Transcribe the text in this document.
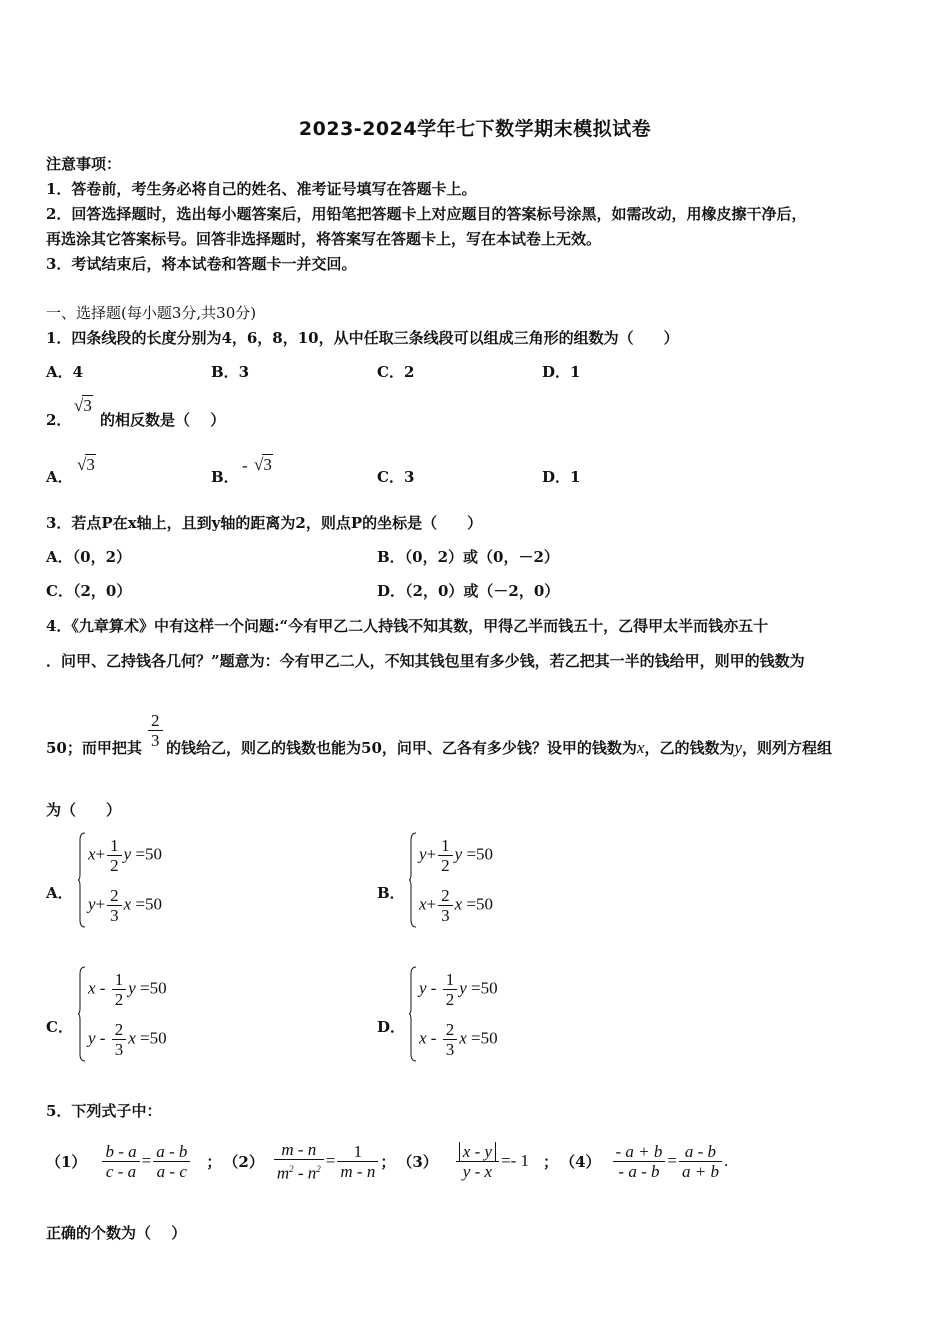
2023-2024学年七下数学期末模拟试卷
注意事项：
1．答卷前，考生务必将自己的姓名、准考证号填写在答题卡上。
2．回答选择题时，选出每小题答案后，用铅笔把答题卡上对应题目的答案标号涂黑，如需改动，用橡皮擦干净后，
再选涂其它答案标号。回答非选择题时，将答案写在答题卡上，写在本试卷上无效。
3．考试结束后，将本试卷和答题卡一并交回。
一、选择题(每小题3分,共30分)
1．四条线段的长度分别为4，6，8，10，从中任取三条线段可以组成三角形的组数为（　　）
A．4	B．3	C．2	D．1
2．
√3
的相反数是（　 ）
A．
√3
B．
- √3
C．3	D．1
3．若点P在x轴上，且到y轴的距离为2，则点P的坐标是（　　）
A．（0，2）	B．（0，2）或（0，－2）
C．（2，0）	D．（2，0）或（－2，0）
4．《九章算术》中有这样一个问题:“今有甲乙二人持钱不知其数，甲得乙半而钱五十，乙得甲太半而钱亦五十
．问甲、乙持钱各几何？”题意为：今有甲乙二人，不知其钱包里有多少钱，若乙把其一半的钱给甲，则甲的钱数为
50；而甲把其 $\frac{2}{3}$ 的钱给乙，则乙的钱数也能为50，问甲、乙各有多少钱？设甲的钱数为x，乙的钱数为y，则列方程组
为（　　）
A．
$x+ \frac{1}{2}$ y =50
$y+ \frac{2}{3}$ x =50
B．
$y+ \frac{1}{2}$ y =50
$x+ \frac{2}{3}$ x =50
C．
x - $\frac{1}{2}$ y =50
y - $\frac{2}{3}$ x =50
D．
y - $\frac{1}{2}$ y =50
x - $\frac{2}{3}$ x =50
5．下列式子中：
$(1) \frac{b - a}{c - a} = \frac{a - b}{a - c}$ ； $(2) \frac{m - n}{m^2 - n^2} = \frac{1}{m - n}$ ； $(3) \frac{x - y}{y - x} =- 1$ ； $(4) \frac{- a + b}{- a - b} = \frac{a - b}{a + b}$ .
正确的个数为（　 ）
